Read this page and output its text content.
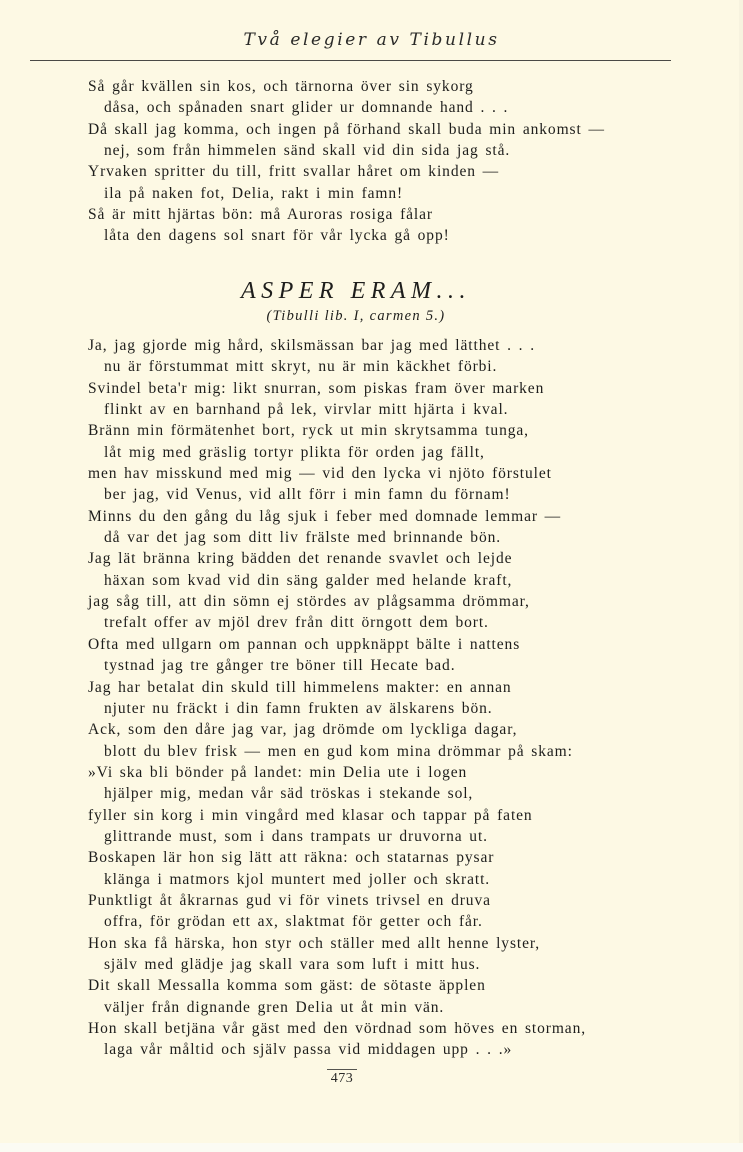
Två elegier av Tibullus
Så går kvällen sin kos, och tärnorna över sin sykorg
dåsa, och spånaden snart glider ur domnande hand . . .
Då skall jag komma, och ingen på förhand skall buda min ankomst —
nej, som från himmelen sänd skall vid din sida jag stå.
Yrvaken spritter du till, fritt svallar håret om kinden —
ila på naken fot, Delia, rakt i min famn!
Så är mitt hjärtas bön: må Auroras rosiga fålar
låta den dagens sol snart för vår lycka gå opp!
ASPER ERAM...
(Tibulli lib. I, carmen 5.)
Ja, jag gjorde mig hård, skilsmässan bar jag med lätthet . . .
nu är förstummat mitt skryt, nu är min käckhet förbi.
Svindel beta'r mig: likt snurran, som piskas fram över marken
flinkt av en barnhand på lek, virvlar mitt hjärta i kval.
Bränn min förmätenhet bort, ryck ut min skrytsamma tunga,
låt mig med gräslig tortyr plikta för orden jag fällt,
men hav misskund med mig — vid den lycka vi njöto förstulet
ber jag, vid Venus, vid allt förr i min famn du förnam!
Minns du den gång du låg sjuk i feber med domnade lemmar —
då var det jag som ditt liv frälste med brinnande bön.
Jag lät bränna kring bädden det renande svavlet och lejde
häxan som kvad vid din säng galder med helande kraft,
jag såg till, att din sömn ej stördes av plågsamma drömmar,
trefalt offer av mjöl drev från ditt örngott dem bort.
Ofta med ullgarn om pannan och uppknäppt bälte i nattens
tystnad jag tre gånger tre böner till Hecate bad.
Jag har betalat din skuld till himmelens makter: en annan
njuter nu fräckt i din famn frukten av älskarens bön.
Ack, som den dåre jag var, jag drömde om lyckliga dagar,
blott du blev frisk — men en gud kom mina drömmar på skam:
»Vi ska bli bönder på landet: min Delia ute i logen
hjälper mig, medan vår säd tröskas i stekande sol,
fyller sin korg i min vingård med klasar och tappar på faten
glittrande must, som i dans trampats ur druvorna ut.
Boskapen lär hon sig lätt att räkna: och statarnas pysar
klänga i matmors kjol muntert med joller och skratt.
Punktligt åt åkrarnas gud vi för vinets trivsel en druva
offra, för grödan ett ax, slaktmat för getter och får.
Hon ska få härska, hon styr och ställer med allt henne lyster,
själv med glädje jag skall vara som luft i mitt hus.
Dit skall Messalla komma som gäst: de sötaste äpplen
väljer från dignande gren Delia ut åt min vän.
Hon skall betjäna vår gäst med den vördnad som höves en storman,
laga vår måltid och själv passa vid middagen upp . . .»
473
